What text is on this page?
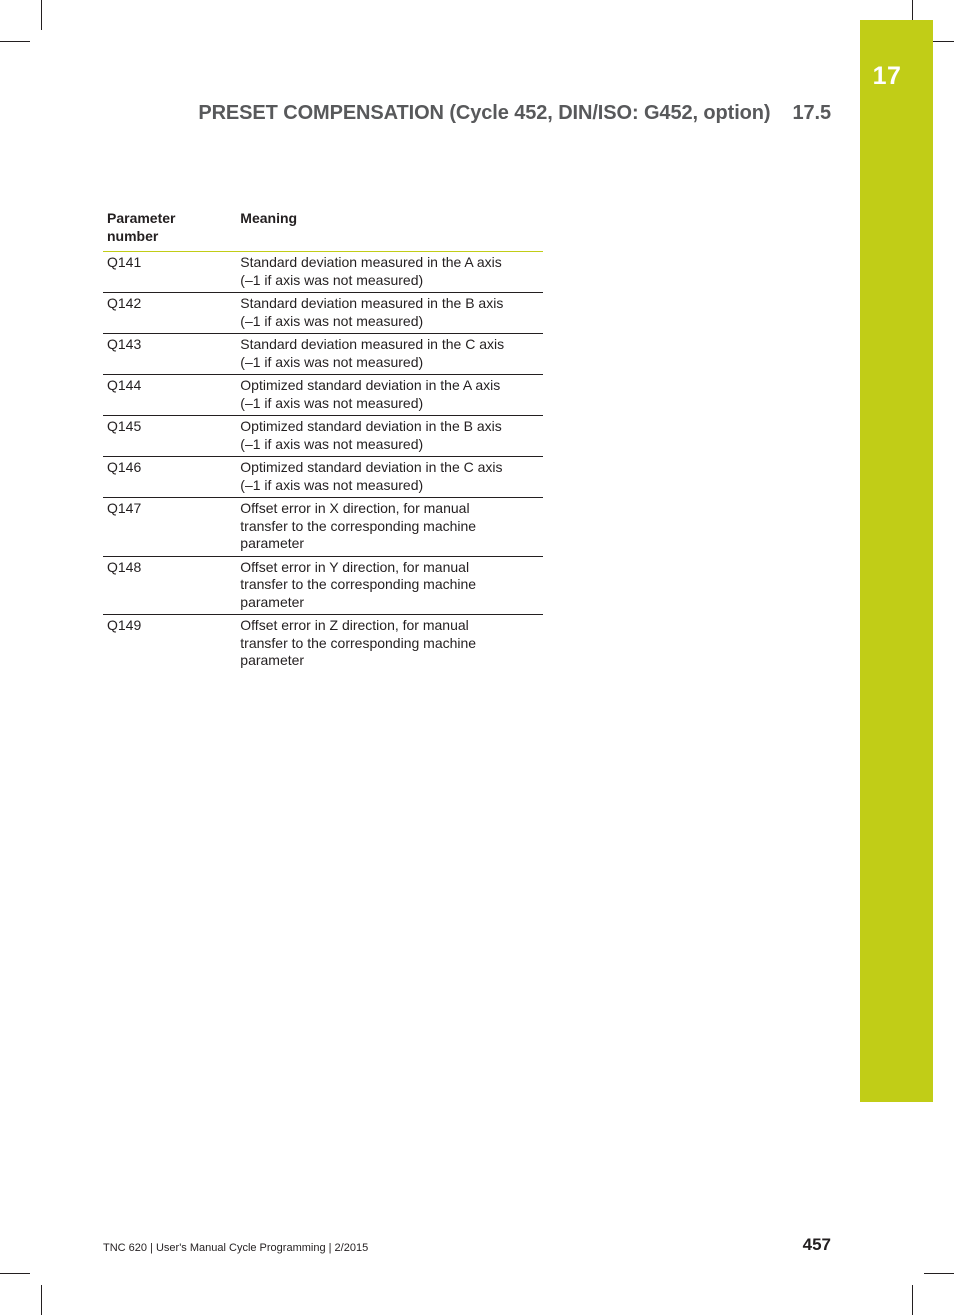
17
PRESET COMPENSATION (Cycle 452, DIN/ISO: G452, option) 17.5
Parameter
number	Meaning
Q141	Standard deviation measured in the A axis
(–1 if axis was not measured)
Q142	Standard deviation measured in the B axis
(–1 if axis was not measured)
Q143	Standard deviation measured in the C axis
(–1 if axis was not measured)
Q144	Optimized standard deviation in the A axis
(–1 if axis was not measured)
Q145	Optimized standard deviation in the B axis
(–1 if axis was not measured)
Q146	Optimized standard deviation in the C axis
(–1 if axis was not measured)
Q147	Offset error in X direction, for manual
transfer to the corresponding machine
parameter
Q148	Offset error in Y direction, for manual
transfer to the corresponding machine
parameter
Q149	Offset error in Z direction, for manual
transfer to the corresponding machine
parameter
TNC 620 | User's Manual Cycle Programming | 2/2015	457
